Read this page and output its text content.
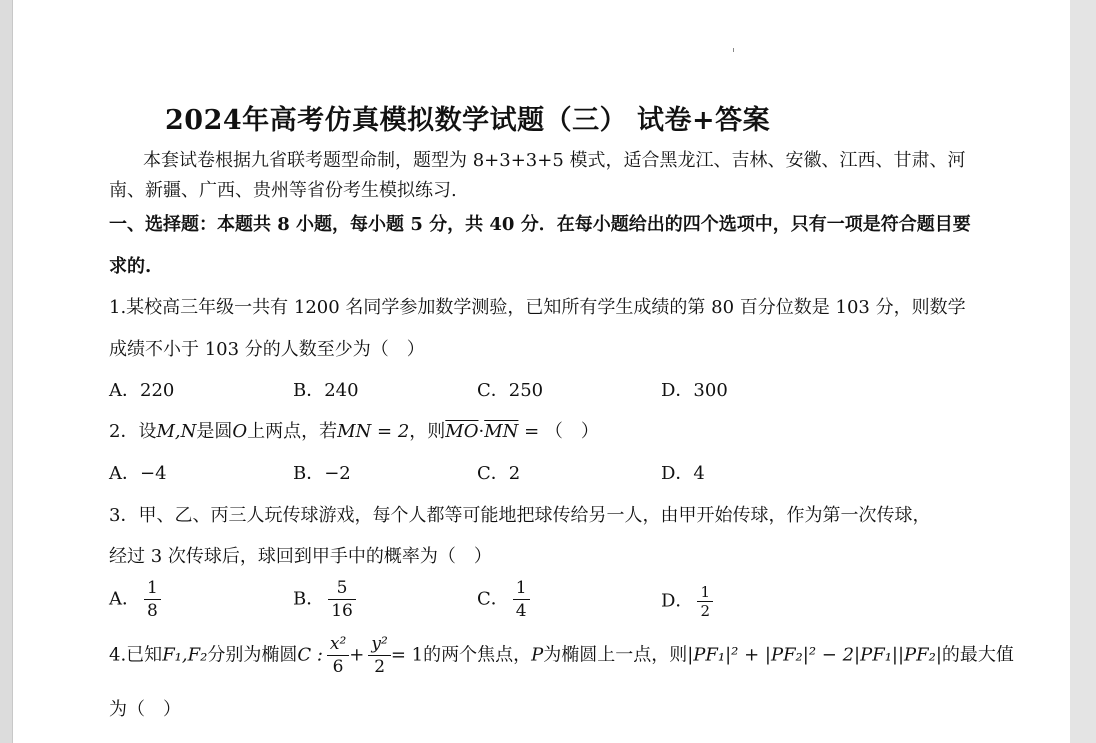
2024年高考仿真模拟数学试题（三） 试卷+答案
本套试卷根据九省联考题型命制，题型为 8+3+3+5 模式，适合黑龙江、吉林、安徽、江西、甘肃、河
南、新疆、广西、贵州等省份考生模拟练习.
一、选择题：本题共 8 小题，每小题 5 分，共 40 分．在每小题给出的四个选项中，只有一项是符合题目要
求的.
1.某校高三年级一共有 1200 名同学参加数学测验，已知所有学生成绩的第 80 百分位数是 103 分，则数学
成绩不小于 103 分的人数至少为（　）
A．220	B．240	C．250	D．300
2．设M,N是圆O上两点，若MN = 2，则$\overline{MO}\cdot\overline{MN}$ = （　）
A．−4	B．−2	C．2	D．4
3．甲、乙、丙三人玩传球游戏，每个人都等可能地把球传给另一人，由甲开始传球，作为第一次传球，
经过 3 次传球后，球回到甲手中的概率为（　）
A． $\frac{1}{8}$	B． $\frac{5}{16}$	C． $\frac{1}{4}$	D． $\frac{1}{2}$
4.已知F₁,F₂分别为椭圆C : $\frac{\text{x²}}{6} + \frac{\text{y²}}{2} = 1$的两个焦点，P为椭圆上一点，则|PF₁|² + |PF₂|² − 2|PF₁||PF₂|的最大值
为（　）
